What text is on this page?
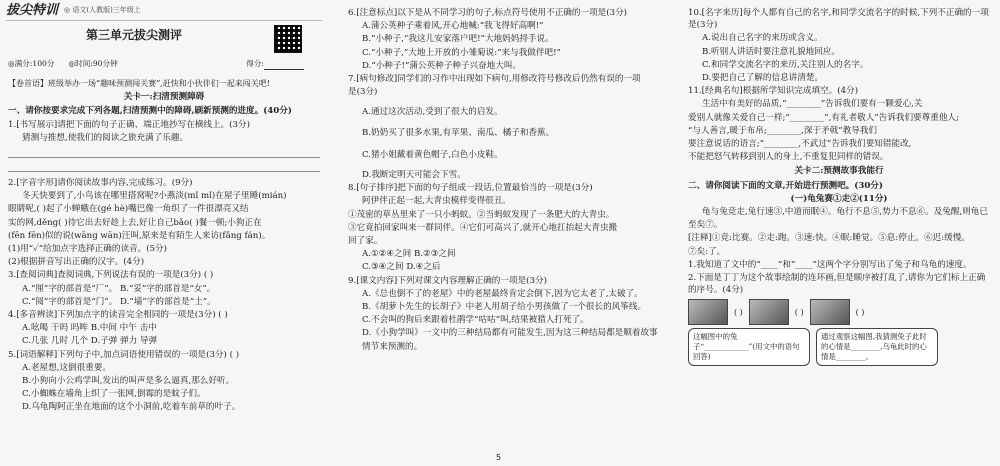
拔尖特训 ◎ 语文(人教版)三年级上
第三单元拔尖测评
◎满分:100分 ◎时间:90分钟	得分:
【卷首语】班级举办一场“趣味预测闯关赛”,赶快和小伙伴们一起来闯关吧!
关卡一:扫清预测障碍
一、请你按要求完成下列各题,扫清预测中的障碍,刷新预测的进度。(40分)
1.[书写展示]请把下面的句子正确、端正地抄写在横线上。(3分)
猜测与推想,使我们的阅读之旅充满了乐趣。
2.[字音字形]请你阅读故事内容,完成练习。(9分)
冬天快要到了,小鸟该在哪里搭窝呢?小燕淡(mǐ mǐ)在屋子里睡(mián)
眼睛呢,( )起了小蝉蛾在(gé hè)嘴巴像一角织了一件很漂亮又结
实的网,děng( )待它出去好趁上去,好让自己bǎo( )餐一顿;小狗正在
(fēn fēn)似的说(wāng wān)汪叫,原来是有陌生人来访(fǎng fán)。
(1)用“✓”给加点字选择正确的读音。(5分)
(2)根据拼音写出正确的汉字。(4分)
3.[查阅词典]查阅词典,下列说法有误的一项是(3分) ( )
A.“厘”字的部首是“厂”。 B.“妥”字的部首是“女”。
C.“阅”字的部首是“门”。 D.“墙”字的部首是“土”。
4.[多音辨读]下列加点字的读音完全相同的一项是(3分) ( )
A.吆喝 干吗 吗哞 B.中间 中午 击中
C.几张 几时 几个 D.子弹 弹力 导弹
5.[词语解释]下列句子中,加点词语使用错误的一项是(3分) ( )
A.老屋想,这倒很重要。
B.小狗向小公鸡学叫,发出的叫声是多么逼真,那么好听。
C.小蜘蛛在墙角上织了一张网,倒霉的是蚊子们。
D.乌龟陶阿正坐在地面的这个小洞前,吃着车前草的叶子。
6.[注意标点]以下是从不同学习的句子,标点符号使用不正确的一项是(3分)
A.蒲公英种子乘着风,开心地喊:“我飞得好高啊!”
B.“小种子,”我这儿安家落户吧!”大地妈妈捋手说。
C.“小种子,”大地上开放的小雏菊说:“来与我做伴吧!”
D.“小种子!”蒲公英种子种子兴奋地大叫。
7.[病句修改]同学们的习作中出现如下病句,用修改符号修改后仍然有误的一项
是(3分)
A.通过这次活动,受到了很大的启发。
B.奶奶买了很多水果,有苹果、南瓜、橘子和香蕉。
C.猪小姐戴着黄色帽子,白色小皮鞋。
D.我断定明天可能会下雪。
8.[句子排序]把下面的句子组成一段话,位置最恰当的一项是(3分)
阿伊伴正起一起,大青虫模样变得很丑。
①茂密的草丛里来了一只小蚂蚁。②当蚂蚁发现了一条肥大的大青虫。
③它竟拍回家叫来一群同伴。④它们可高兴了,就开心地扛抬起大青虫搬
回了家。
A.①②④之间 B.②③之间
C.③④之间 D.④之后
9.[课文内容]下列对课文内容理解正确的一项是(3分)
A.《总也倒不了的老屋》中的老屋最终肯定会倒下,因为它太老了,太破了。
B.《胡萝卜先生的长胡子》中老人用胡子给小男孩做了一个很长的风筝线。
C.不会叫的狗后来跟着杜鹃学“咕咕”叫,结果被猎人打死了。
D.《小狗学叫》一文中的三种结局都有可能发生,因为这三种结局都是顺着故事
情节来预测的。
10.[名字来历]每个人都有自己的名字,和同学交流名字的时候,下列不正确的一项是(3分)
A.说出自己名字的来历或含义。
B.听别人讲话时要注意礼貌地回应。
C.和同学交流名字的来历,关注别人的名字。
D.要把自己了解的信息讲清楚。
11.[经典名句]根据所学知识完成填空。(4分)
生活中有美好的品质,“________”告诉我们要有一颗爱心,关
爱别人就像关爱自己一样;“________”,有礼者敬人”告诉我们要尊重他人;
“与人善言,暖于布帛;________,深于矛戟”教导我们
要注意说话的语言;“________,不武过”告诉我们要知错能改,
不能把怒气转移到别人的身上,不重复犯同样的错误。
关卡二:预测故事我能行
二、请你阅读下面的文章,开始进行预测吧。(30分)
(一)龟兔赛①走②(11分)
龟与兔竞走,兔行速③,中道而眠④。龟行不息⑤,势力不息⑥。及兔醒,则龟已
至矣⑦。
[注释]①竞:比赛。②走:跑。③速:快。④眠:睡觉。⑤息:停止。⑥迟:缓慢。
⑦矣:了。
1.我知道了文中的“____”和“____”这两个字分别写出了兔子和乌龟的速度。
2.下面是丁丁为这个故事绘制的连环画,但是顺序被打乱了,请你为它们标上正确的序号。(4分)
( )	( )	( )
这幅图中的兔子“____________”(用文中的语句回答)
通过观察这幅图,我猜测兔子此时的心情是________,乌龟此时的心情是________。
5
